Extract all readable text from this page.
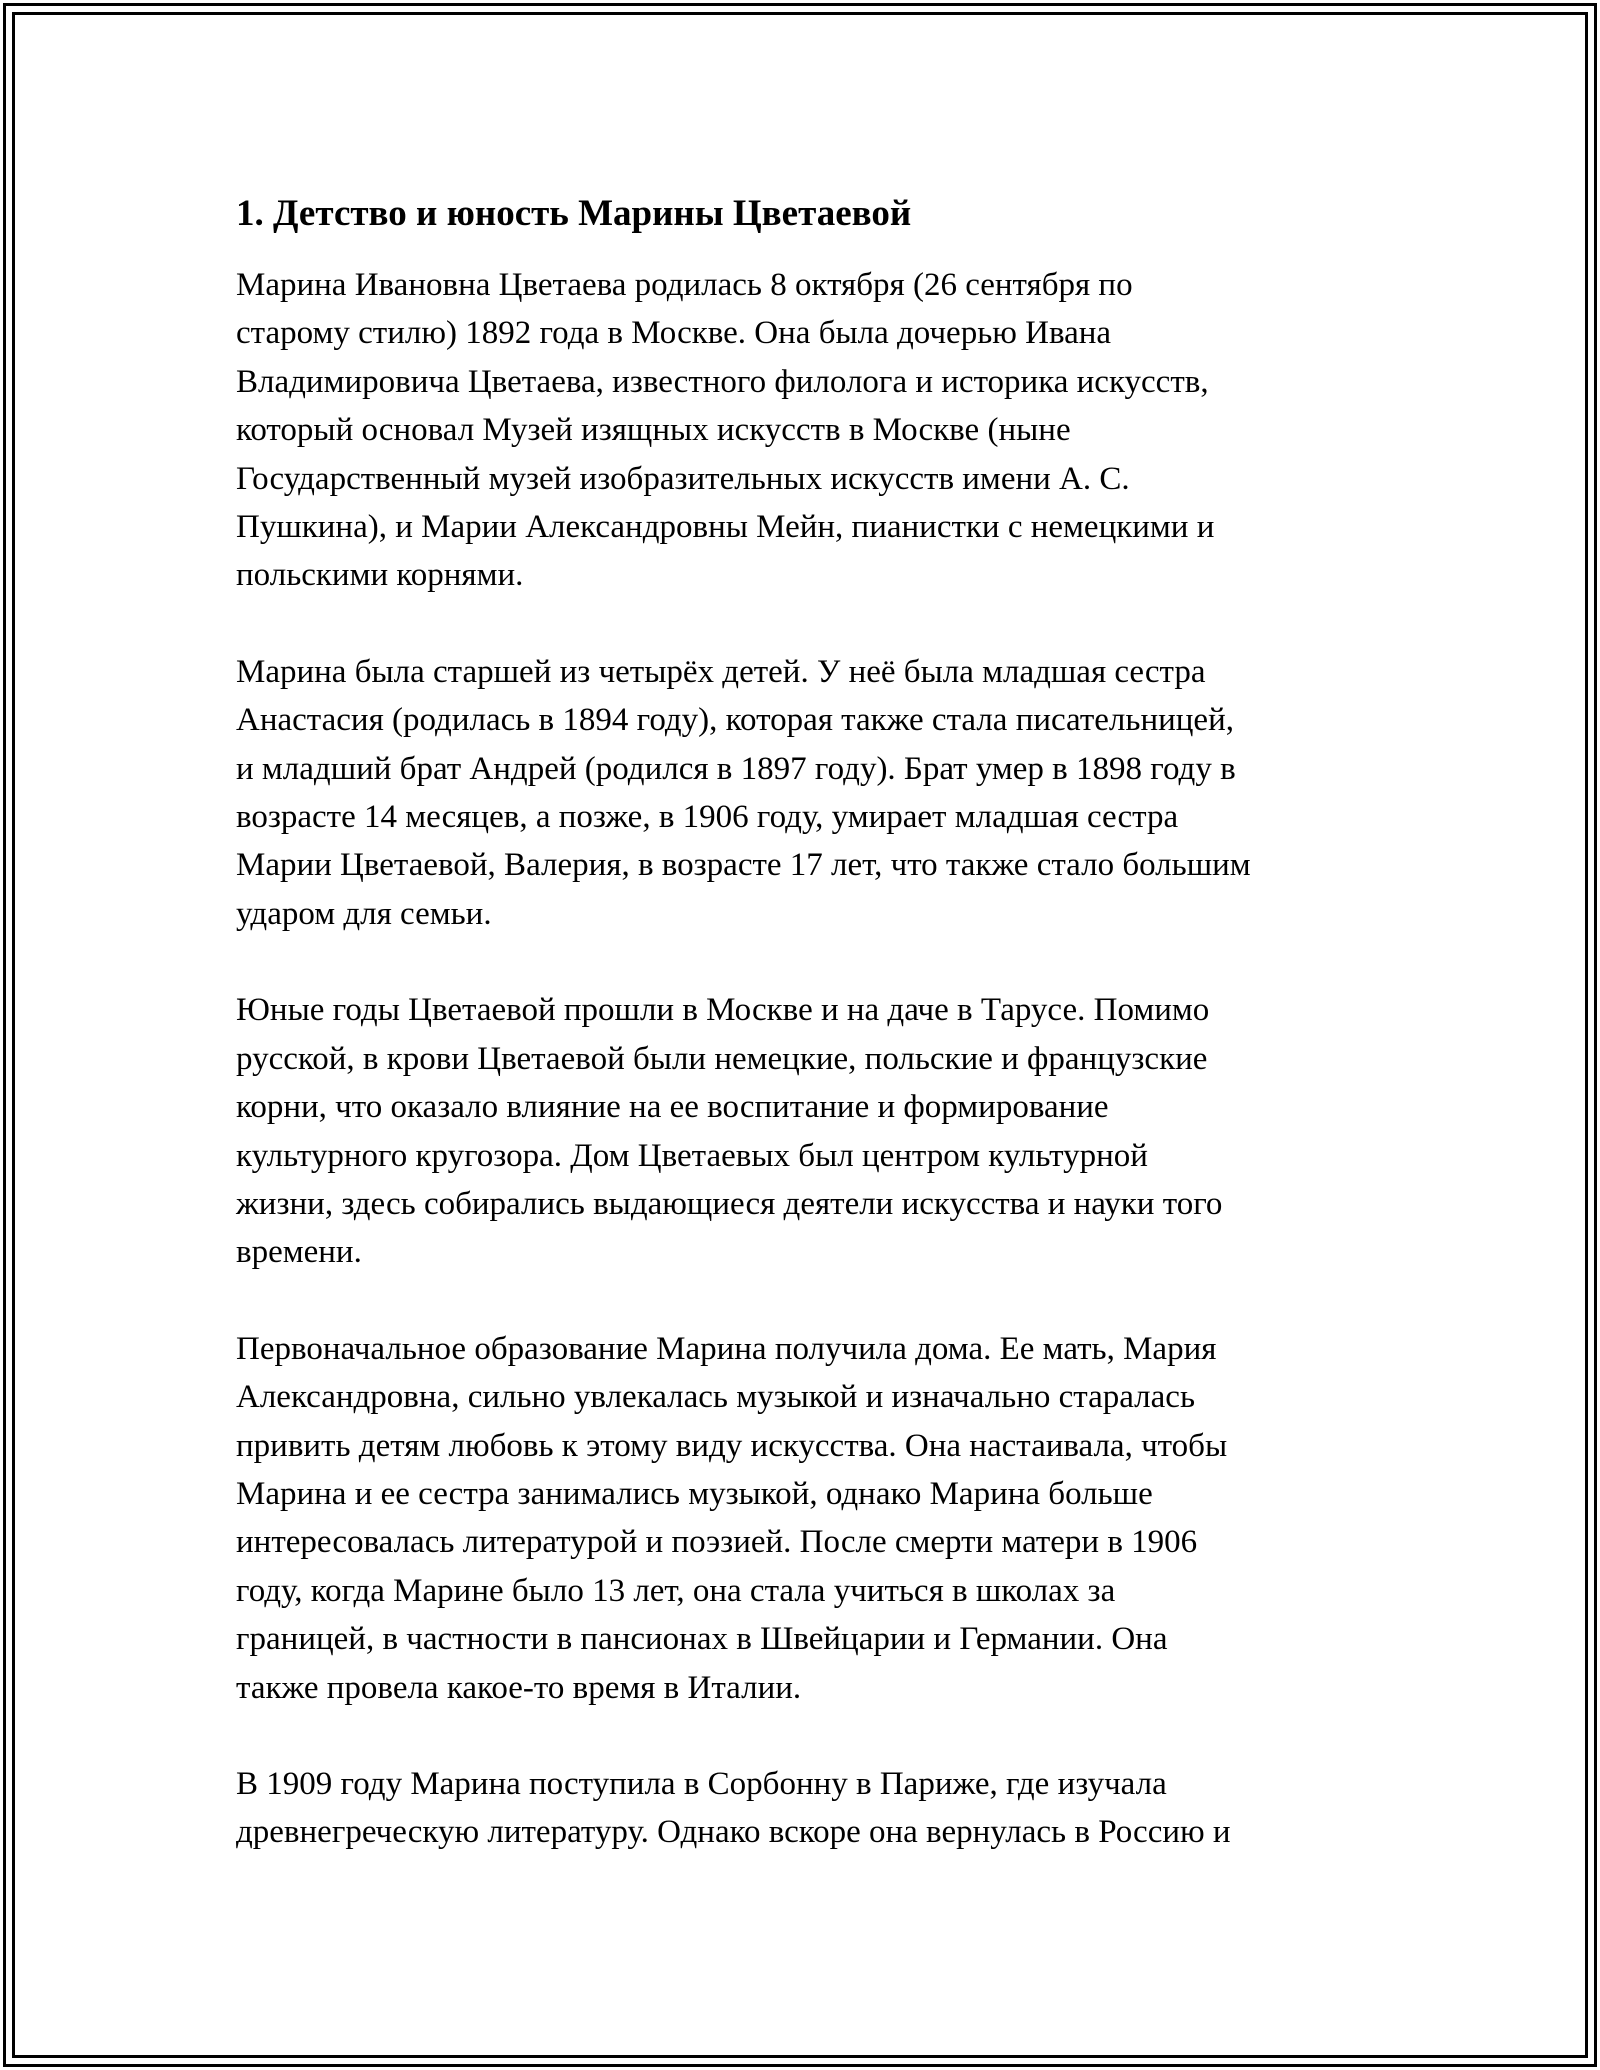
1. Детство и юность Марины Цветаевой

Марина Ивановна Цветаева родилась 8 октября (26 сентября по
старому стилю) 1892 года в Москве. Она была дочерью Ивана
Владимировича Цветаева, известного филолога и историка искусств,
который основал Музей изящных искусств в Москве (ныне
Государственный музей изобразительных искусств имени А. С.
Пушкина), и Марии Александровны Мейн, пианистки с немецкими и
польскими корнями.

Марина была старшей из четырёх детей. У неё была младшая сестра
Анастасия (родилась в 1894 году), которая также стала писательницей,
и младший брат Андрей (родился в 1897 году). Брат умер в 1898 году в
возрасте 14 месяцев, а позже, в 1906 году, умирает младшая сестра
Марии Цветаевой, Валерия, в возрасте 17 лет, что также стало большим
ударом для семьи.

Юные годы Цветаевой прошли в Москве и на даче в Тарусе. Помимо
русской, в крови Цветаевой были немецкие, польские и французские
корни, что оказало влияние на ее воспитание и формирование
культурного кругозора. Дом Цветаевых был центром культурной
жизни, здесь собирались выдающиеся деятели искусства и науки того
времени.

Первоначальное образование Марина получила дома. Ее мать, Мария
Александровна, сильно увлекалась музыкой и изначально старалась
привить детям любовь к этому виду искусства. Она настаивала, чтобы
Марина и ее сестра занимались музыкой, однако Марина больше
интересовалась литературой и поэзией. После смерти матери в 1906
году, когда Марине было 13 лет, она стала учиться в школах за
границей, в частности в пансионах в Швейцарии и Германии. Она
также провела какое-то время в Италии.

В 1909 году Марина поступила в Сорбонну в Париже, где изучала
древнегреческую литературу. Однако вскоре она вернулась в Россию и
